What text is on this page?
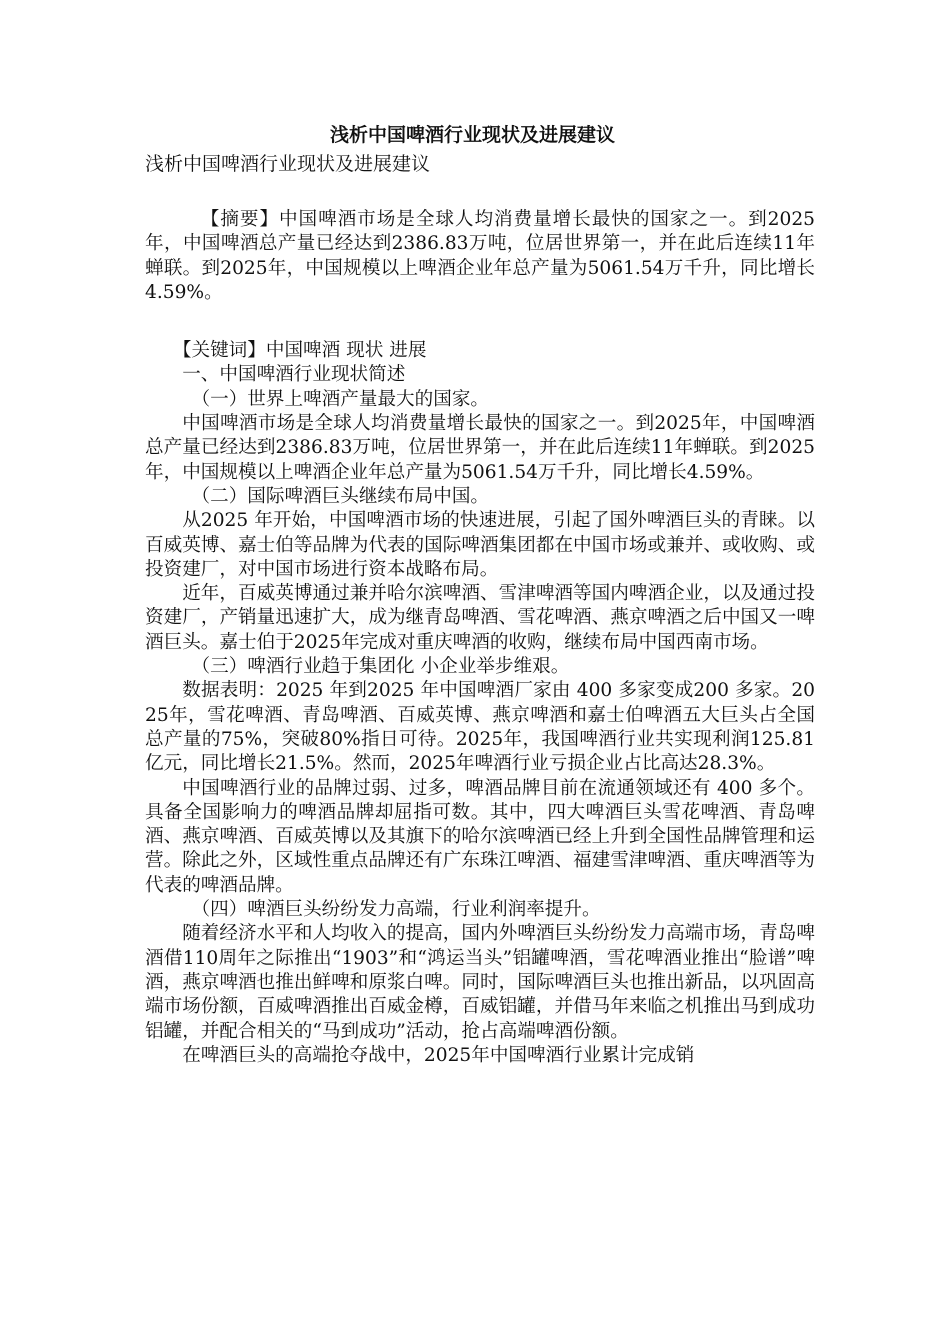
浅析中国啤酒行业现状及进展建议

浅析中国啤酒行业现状及进展建议

【摘要】中国啤酒市场是全球人均消费量增长最快的国家之一。到2025年，中国啤酒总产量已经达到2386.83万吨，位居世界第一，并在此后连续11年蝉联。到2025年，中国规模以上啤酒企业年总产量为5061.54万千升，同比增长4.59%。

【关键词】中国啤酒 现状 进展

一、中国啤酒行业现状简述

（一）世界上啤酒产量最大的国家。

中国啤酒市场是全球人均消费量增长最快的国家之一。到2025年，中国啤酒总产量已经达到2386.83万吨，位居世界第一，并在此后连续11年蝉联。到2025年，中国规模以上啤酒企业年总产量为5061.54万千升，同比增长4.59%。

（二）国际啤酒巨头继续布局中国。

从2025 年开始，中国啤酒市场的快速进展，引起了国外啤酒巨头的青睐。以百威英博、嘉士伯等品牌为代表的国际啤酒集团都在中国市场或兼并、或收购、或投资建厂，对中国市场进行资本战略布局。

近年，百威英博通过兼并哈尔滨啤酒、雪津啤酒等国内啤酒企业，以及通过投资建厂，产销量迅速扩大，成为继青岛啤酒、雪花啤酒、燕京啤酒之后中国又一啤酒巨头。嘉士伯于2025年完成对重庆啤酒的收购，继续布局中国西南市场。

（三）啤酒行业趋于集团化 小企业举步维艰。

数据表明：2025 年到2025 年中国啤酒厂家由 400 多家变成200 多家。2025年，雪花啤酒、青岛啤酒、百威英博、燕京啤酒和嘉士伯啤酒五大巨头占全国总产量的75%，突破80%指日可待。2025年，我国啤酒行业共实现利润125.81亿元，同比增长21.5%。然而，2025年啤酒行业亏损企业占比高达28.3%。

中国啤酒行业的品牌过弱、过多，啤酒品牌目前在流通领域还有 400 多个。具备全国影响力的啤酒品牌却屈指可数。其中，四大啤酒巨头雪花啤酒、青岛啤酒、燕京啤酒、百威英博以及其旗下的哈尔滨啤酒已经上升到全国性品牌管理和运营。除此之外，区域性重点品牌还有广东珠江啤酒、福建雪津啤酒、重庆啤酒等为代表的啤酒品牌。

（四）啤酒巨头纷纷发力高端，行业利润率提升。

随着经济水平和人均收入的提高，国内外啤酒巨头纷纷发力高端市场，青岛啤酒借110周年之际推出“1903”和“鸿运当头”铝罐啤酒，雪花啤酒业推出“脸谱”啤酒，燕京啤酒也推出鲜啤和原浆白啤。同时，国际啤酒巨头也推出新品，以巩固高端市场份额，百威啤酒推出百威金樽，百威铝罐，并借马年来临之机推出马到成功铝罐，并配合相关的“马到成功”活动，抢占高端啤酒份额。

在啤酒巨头的高端抢夺战中，2025年中国啤酒行业累计完成销
